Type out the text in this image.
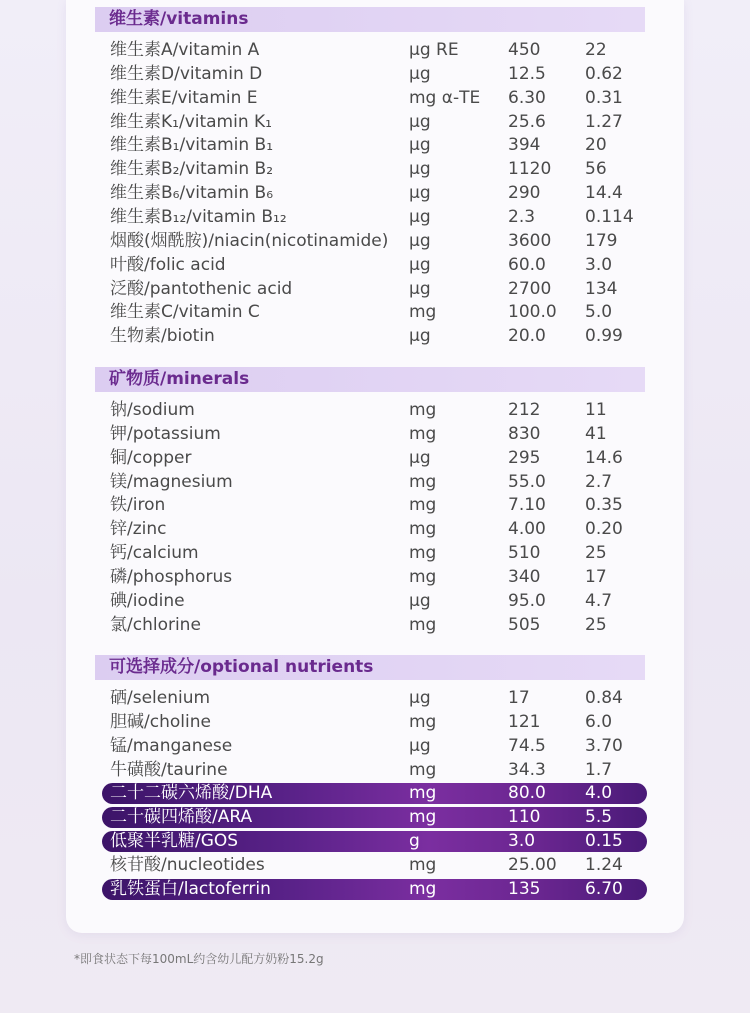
维生素/vitamins
维生素A/vitamin A	μg RE	450	22
维生素D/vitamin D	μg	12.5 0.62
维生素E/vitamin E	mg α-TE 6.30 0.31
维生素K₁/vitamin K₁	μg	25.6 1.27
维生素B₁/vitamin B₁	μg	394	20
维生素B₂/vitamin B₂	μg	1120 56
维生素B₆/vitamin B₆	μg	290	14.4
维生素B₁₂/vitamin B₁₂	μg	2.3	0.114
烟酸(烟酰胺)/niacin(nicotinamide) μg	3600 179
叶酸/folic acid	μg	60.0 3.0
泛酸/pantothenic acid	μg	2700 134
维生素C/vitamin C	mg	100.0 5.0
生物素/biotin	μg	20.0 0.99
矿物质/minerals
钠/sodium	mg	212	11
钾/potassium	mg	830	41
铜/copper	μg	295	14.6
镁/magnesium	mg	55.0 2.7
铁/iron	mg	7.10 0.35
锌/zinc	mg	4.00 0.20
钙/calcium	mg	510	25
磷/phosphorus	mg	340	17
碘/iodine	μg	95.0 4.7
氯/chlorine	mg	505	25
可选择成分/optional nutrients
硒/selenium	μg	17	0.84
胆碱/choline	mg	121	6.0
锰/manganese	μg	74.5 3.70
牛磺酸/taurine	mg	34.3 1.7
二十二碳六烯酸/DHA	mg	80.0 4.0
二十碳四烯酸/ARA	mg	110	5.5
低聚半乳糖/GOS	g	3.0	0.15
核苷酸/nucleotides	mg	25.00 1.24
乳铁蛋白/lactoferrin	mg	135	6.70
*即食状态下每100mL约含幼儿配方奶粉15.2g
